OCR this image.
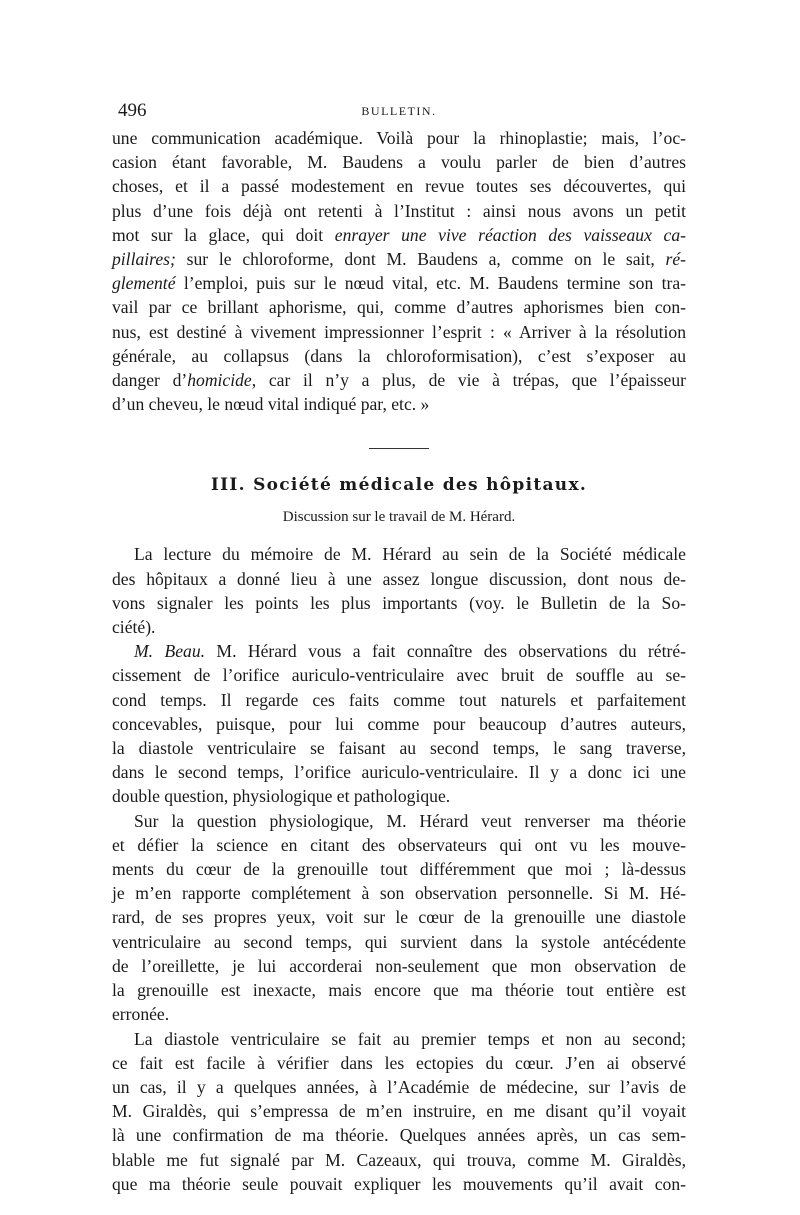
496	BULLETIN.
une communication académique. Voilà pour la rhinoplastie; mais, l’oc-
casion étant favorable, M. Baudens a voulu parler de bien d’autres
choses, et il a passé modestement en revue toutes ses découvertes, qui
plus d’une fois déjà ont retenti à l’Institut : ainsi nous avons un petit
mot sur la glace, qui doit enrayer une vive réaction des vaisseaux ca-
pillaires; sur le chloroforme, dont M. Baudens a, comme on le sait, ré-
glementé l’emploi, puis sur le nœud vital, etc. M. Baudens termine son tra-
vail par ce brillant aphorisme, qui, comme d’autres aphorismes bien con-
nus, est destiné à vivement impressionner l’esprit : « Arriver à la résolution
générale, au collapsus (dans la chloroformisation), c’est s’exposer au
danger d’homicide, car il n’y a plus, de vie à trépas, que l’épaisseur
d’un cheveu, le nœud vital indiqué par, etc. »
III. Société médicale des hôpitaux.
Discussion sur le travail de M. Hérard.
La lecture du mémoire de M. Hérard au sein de la Société médicale
des hôpitaux a donné lieu à une assez longue discussion, dont nous de-
vons signaler les points les plus importants (voy. le Bulletin de la So-
ciété).
M. Beau. M. Hérard vous a fait connaître des observations du rétré-
cissement de l’orifice auriculo-ventriculaire avec bruit de souffle au se-
cond temps. Il regarde ces faits comme tout naturels et parfaitement
concevables, puisque, pour lui comme pour beaucoup d’autres auteurs,
la diastole ventriculaire se faisant au second temps, le sang traverse,
dans le second temps, l’orifice auriculo-ventriculaire. Il y a donc ici une
double question, physiologique et pathologique.
Sur la question physiologique, M. Hérard veut renverser ma théorie
et défier la science en citant des observateurs qui ont vu les mouve-
ments du cœur de la grenouille tout différemment que moi ; là-dessus
je m’en rapporte complétement à son observation personnelle. Si M. Hé-
rard, de ses propres yeux, voit sur le cœur de la grenouille une diastole
ventriculaire au second temps, qui survient dans la systole antécédente
de l’oreillette, je lui accorderai non-seulement que mon observation de
la grenouille est inexacte, mais encore que ma théorie tout entière est
erronée.
La diastole ventriculaire se fait au premier temps et non au second;
ce fait est facile à vérifier dans les ectopies du cœur. J’en ai observé
un cas, il y a quelques années, à l’Académie de médecine, sur l’avis de
M. Giraldès, qui s’empressa de m’en instruire, en me disant qu’il voyait
là une confirmation de ma théorie. Quelques années après, un cas sem-
blable me fut signalé par M. Cazeaux, qui trouva, comme M. Giraldès,
que ma théorie seule pouvait expliquer les mouvements qu’il avait con-
